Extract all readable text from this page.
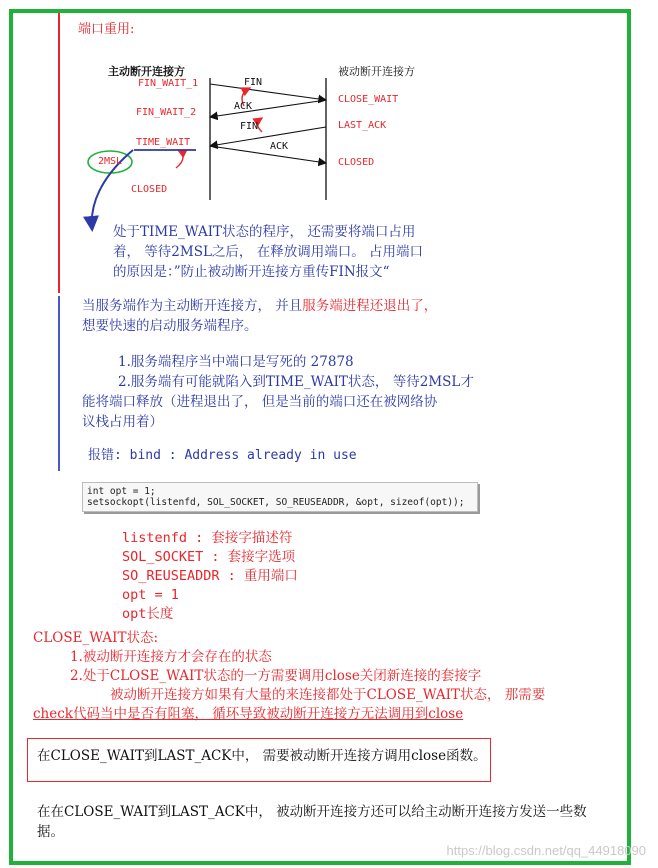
端口重用:
主动断开连接方	被动断开连接方
FIN_WAIT_1
FIN_WAIT_2
TIME_WAIT
2MSL
CLOSED
CLOSE_WAIT
LAST_ACK
CLOSED
FIN
ACK
FIN
ACK
处于TIME_WAIT状态的程序， 还需要将端口占用
着， 等待2MSL之后， 在释放调用端口。 占用端口
的原因是：”防止被动断开连接方重传FIN报文“
当服务端作为主动断开连接方， 并且服务端进程还退出了，
想要快速的启动服务端程序。
1.服务端程序当中端口是写死的 27878
2.服务端有可能就陷入到TIME_WAIT状态， 等待2MSL才
能将端口释放（进程退出了， 但是当前的端口还在被网络协
议栈占用着）
报错: bind : Address already in use
int opt = 1;
setsockopt(listenfd, SOL_SOCKET, SO_REUSEADDR, &opt, sizeof(opt));
listenfd : 套接字描述符
SOL_SOCKET : 套接字选项
SO_REUSEADDR : 重用端口
opt = 1
opt长度
CLOSE_WAIT状态:
1.被动断开连接方才会存在的状态
2.处于CLOSE_WAIT状态的一方需要调用close关闭新连接的套接字
被动断开连接方如果有大量的来连接都处于CLOSE_WAIT状态， 那需要
check代码当中是否有阻塞， 循环导致被动断开连接方无法调用到close
在CLOSE_WAIT到LAST_ACK中， 需要被动断开连接方调用close函数。
在在CLOSE_WAIT到LAST_ACK中， 被动断开连接方还可以给主动断开连接方发送一些数
据。
https://blog.csdn.net/qq_44918090
